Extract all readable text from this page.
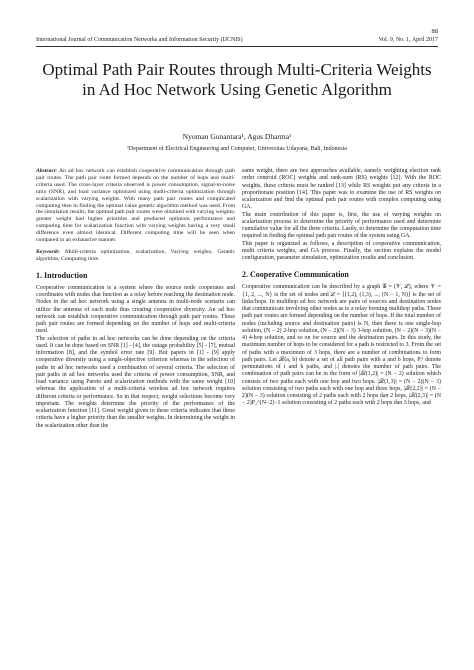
88
International Journal of Communication Networks and Information Security (IJCNIS)	Vol. 9, No. 1, April 2017
Optimal Path Pair Routes through Multi-Criteria Weights in Ad Hoc Network Using Genetic Algorithm
Nyoman Gunantara¹, Agus Dharma¹
¹Department of Electrical Engineering and Computer, Universitas Udayana, Bali, Indonesia

Abstract: An ad hoc network can establish cooperative communication through path pair routes. The path pair route formed depends on the number of hops and multi-criteria used. The cross-layer criteria observed is power consumption, signal-to-noise ratio (SNR), and load variance optimized using multi-criteria optimization through scalarization with varying weights. With many path pair routes and complicated computing then in finding the optimal value genetic algorithm method was used. From the simulation results, the optimal path pair routes were obtained with varying weights; greater weight had higher priorities and produced optimum performance and computing time for scalarization function with varying weights having a very small difference even almost identical. Different computing time will be seen when compared in an exhaustive manner.

Keywords: Multi-criteria optimization, scalarization, Varying weights, Genetic algorithm, Computing time.

1. Introduction

Cooperative communication is a system where the source node cooperates and coordinates with nodes that function as a relay before reaching the destination node. Nodes in the ad hoc network using a single antenna in multi-node scenario can utilize the antenna of each node thus creating cooperative diversity. An ad hoc network can establish cooperative communication through path pair routes. These path pair routes are formed depending on the number of hops and multi-criteria used.

The selection of paths in ad hoc networks can be done depending on the criteria used. It can be done based on SNR [1] - [4], the outage probability [5] - [7], mutual information [8], and the symbol error rate [9]. But papers in [1] - [9] apply cooperative diversity using a single-objective criterion whereas in the selection of paths in ad hoc networks used a combination of several criteria. The selection of pair paths in ad hoc networks used the criteria of power consumption, SNR, and load variance using Pareto and scalarization methods with the same weight [10] whereas the application of a multi-criteria wireless ad hoc network requires different criteria or performance. So in that respect, weight selections become very important. The weights determine the priority of the performance of the scalarization function [11]. Great weight given to these criteria indicates that these criteria have a higher priority than the smaller weights. In determining the weight in the scalarization other than the

same weight, there are two approaches available, namely weighting election rank order centroid (ROC) weights and rank-sum (RS) weights [12]. With the ROC weights, these criteria must be ranked [13] while RS weights put any criteria in a proportionate position [14]. This paper was to examine the use of RS weights on scalarization and find the optimal path pair routes with complex computing using GA.

The main contribution of this paper is, first, the use of varying weights on scalarization process to determine the priority of performance used and determine cumulative value for all the three criteria. Lastly, to determine the computation time required in finding the optimal path pair routes of the system using GA.

This paper is organized as follows, a description of cooperative communication, multi criteria weights, and GA process. Finally, the section explains the model configuration, parameter simulation, optimization results and conclusion.

2. Cooperative Communication

Cooperative communication can be described by a graph 𝒢 = (𝒱, ℒ), where 𝒱 = {1, 2, ..., N} is the set of nodes and ℒ = {(1,2), (1,3), ..., (N − 1, N)} is the set of links/hops. In multihop ad hoc network are pairs of sources and destination nodes that communicate involving other nodes as to a relay forming multihop paths. These path pair routes are formed depending on the number of hops. If the total number of nodes (including source and destination pairs) is N, then there is one single-hop solution, (N − 2) 2-hop solution, (N − 2)(N − 3) 3-hop solution, (N − 2)(N − 3)(N − 4) 4-hop solution, and so on for source and the destination pairs. In this study, the maximum number of hops to be considered for a path is restricted to 3. From the set of paths with a maximum of 3 hops, there are a number of combinations to form path pairs. Let ℛ(a, b) denote a set of all path pairs with a and b hops, Pᵢᵏ denote permutations of i and k paths, and |.| denotes the number of path pairs. The combination of path pairs can be in the form of |ℛ(1,2)| = (N − 2) solution which consists of two paths each with one hop and two hops. |ℛ(1,3)| = (N − 2)(N − 3) solution consisting of two paths each with one hop and three hops, |ℛ(2,2)| = (N − 2)(N − 3) solution consisting of 2 paths each with 2 hops dan 2 hops, |ℛ(2,3)| = (N − 2)P₂^(N−2)−1 solution consisting of 2 paths each with 2 hops dan 3 hops, and
